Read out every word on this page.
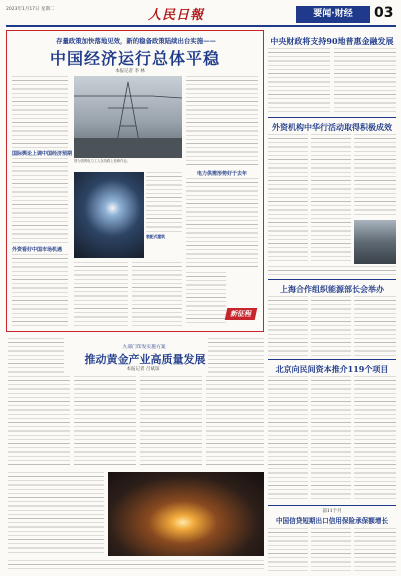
2023年1月17日 星期二	人民日報	要闻·财经	03
存量政策加快落地见效，新的稳备政策陆续出台实施——
中国经济运行总体平稳
本报记者 李 林
国际舆论上调中国经济预期
外资看好中国市场机遇
图为国网电力工人在线路上检修作业。
电力供需形势好于去年
装配式建筑
新征程
中央财政将支持90地普惠金融发展
外资机构中华行活动取得积极成效
上海合作组织能源部长会举办
北京向民间资本推介119个项目
前11个月
中国信贷短期出口信用保险承保额增长
九部门印发实施方案
推动黄金产业高质量发展
本报记者 吕斌琼
